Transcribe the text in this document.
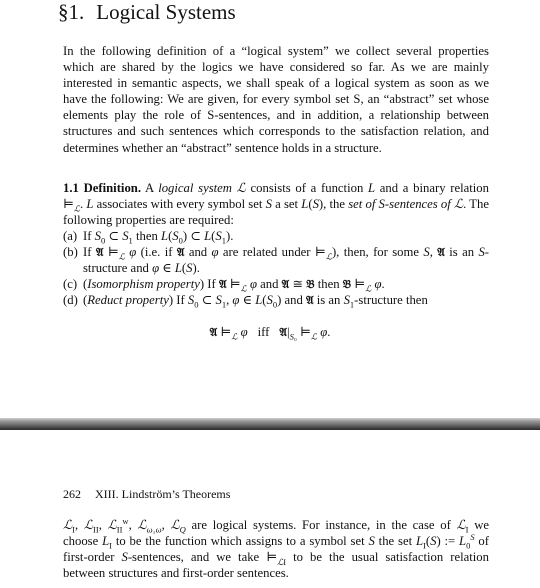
§1. Logical Systems
In the following definition of a “logical system” we collect several properties which are shared by the logics we have considered so far. As we are mainly interested in semantic aspects, we shall speak of a logical system as soon as we have the following: We are given, for every symbol set S, an “abstract” set whose elements play the role of S-sentences, and in addition, a relationship between structures and such sentences which corresponds to the satisfaction relation, and determines whether an “abstract” sentence holds in a structure.
1.1 Definition. A logical system ℒ consists of a function L and a binary relation $⊨_ℒ$. L associates with every symbol set S a set L(S), the set of S-sentences of ℒ. The following properties are required:
(a) If $S_0$ ⊂ $S_1$ then $L(S_0)$ ⊂ $L(S_1)$.
(b) If 𝔄 $⊨_ℒ$ φ (i.e. if 𝔄 and φ are related under $⊨_ℒ$), then, for some S, 𝔄 is an S-structure and φ ∈ L(S).
(c) (Isomorphism property) If 𝔄 $⊨_ℒ$ φ and 𝔄 ≅ 𝔅 then 𝔅 $⊨_ℒ$ φ.
(d) (Reduct property) If $S_0$ ⊂ $S_1$, φ ∈ $L(S_0)$ and 𝔄 is an $S_1$-structure then
𝔄 $⊨_ℒ$ φ iff $𝔄|_{S_0}$ $⊨_ℒ$ φ.
262 XIII. Lindström’s Theorems
ℒ$_I$, ℒ$_{II}$, ℒ$_{II}^w$, ℒ$_{\omega_1\omega}$, ℒ$_Q$ are logical systems. For instance, in the case of ℒ$_I$ we choose $L_I$ to be the function which assigns to a symbol set S the set $L_I(S)$ := $L_0^S$ of first-order S-sentences, and we take $⊨_{ℒI}$ to be the usual satisfaction relation between structures and first-order sentences.
